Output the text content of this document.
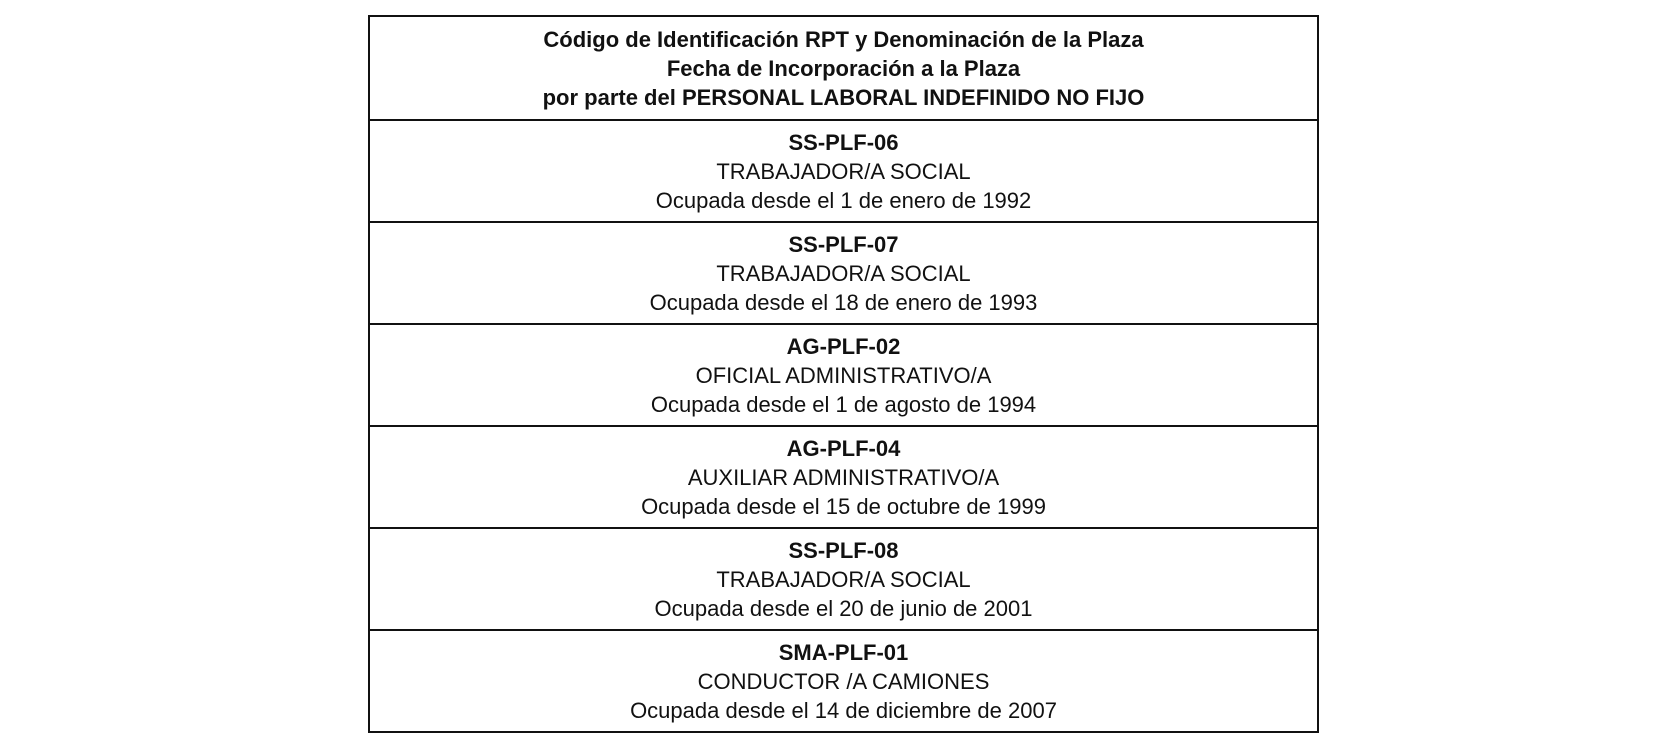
Código de Identificación RPT y Denominación de la Plaza
Fecha de Incorporación a la Plaza
por parte del PERSONAL LABORAL INDEFINIDO NO FIJO
SS-PLF-06
TRABAJADOR/A SOCIAL
Ocupada desde el 1 de enero de 1992
SS-PLF-07
TRABAJADOR/A SOCIAL
Ocupada desde el 18 de enero de 1993
AG-PLF-02
OFICIAL ADMINISTRATIVO/A
Ocupada desde el 1 de agosto de 1994
AG-PLF-04
AUXILIAR ADMINISTRATIVO/A
Ocupada desde el 15 de octubre de 1999
SS-PLF-08
TRABAJADOR/A SOCIAL
Ocupada desde el 20 de junio de 2001
SMA-PLF-01
CONDUCTOR /A CAMIONES
Ocupada desde el 14 de diciembre de 2007
